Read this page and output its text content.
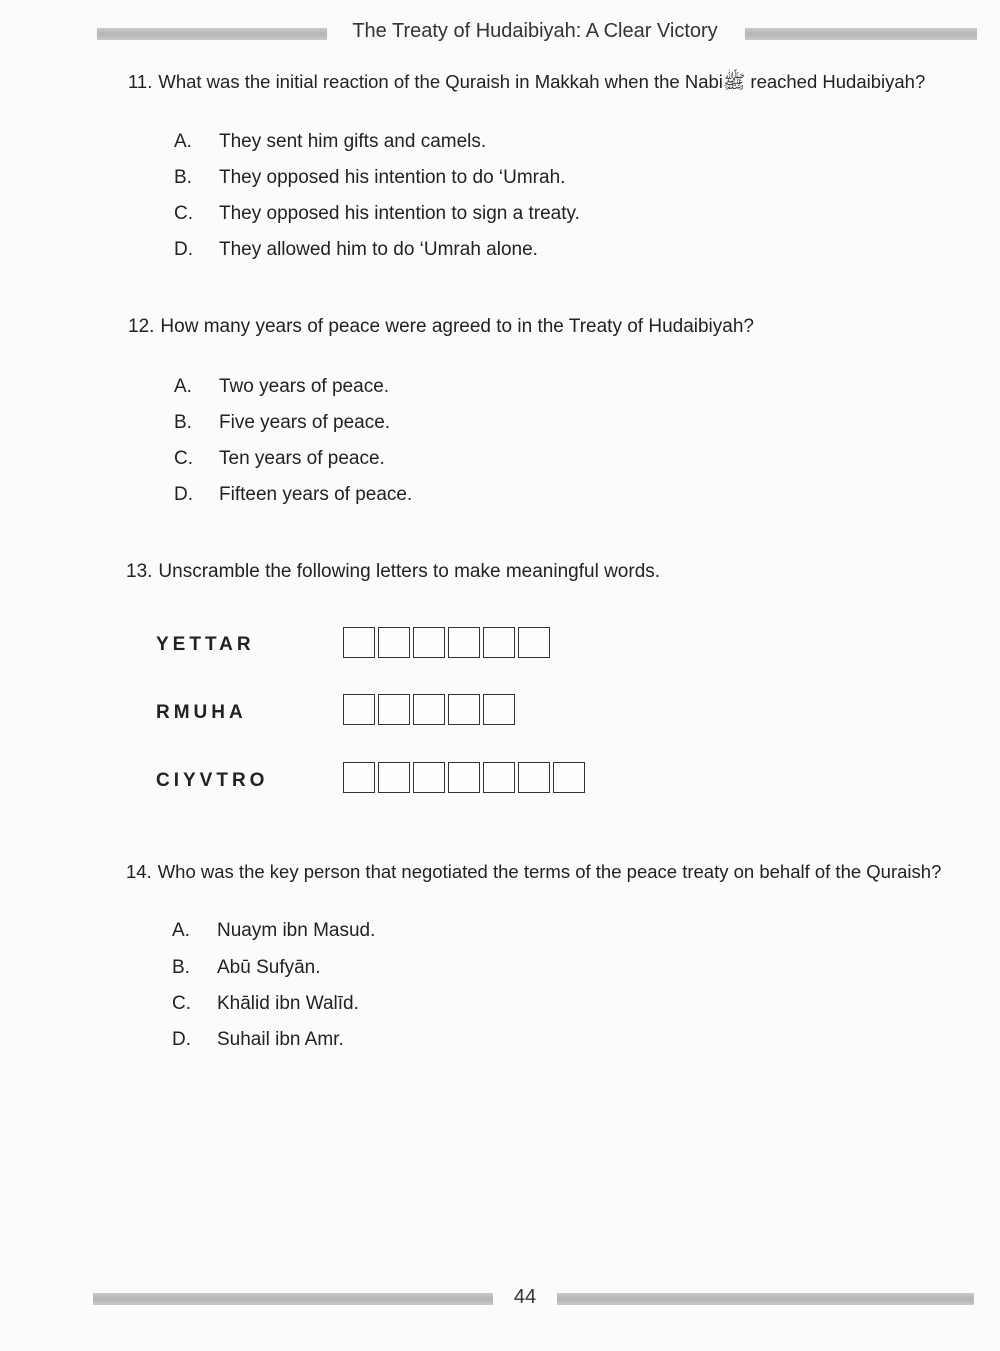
The Treaty of Hudaibiyah: A Clear Victory
11. What was the initial reaction of the Quraish in Makkah when the Nabiﷺ reached Hudaibiyah?
A. They sent him gifts and camels.
B. They opposed his intention to do ‘Umrah.
C. They opposed his intention to sign a treaty.
D. They allowed him to do ‘Umrah alone.
12. How many years of peace were agreed to in the Treaty of Hudaibiyah?
A. Two years of peace.
B. Five years of peace.
C. Ten years of peace.
D. Fifteen years of peace.
13. Unscramble the following letters to make meaningful words.
YETTAR
RMUHA
CIYVTRO
14. Who was the key person that negotiated the terms of the peace treaty on behalf of the Quraish?
A. Nuaym ibn Masud.
B. Abū Sufyān.
C. Khālid ibn Walīd.
D. Suhail ibn Amr.
44
